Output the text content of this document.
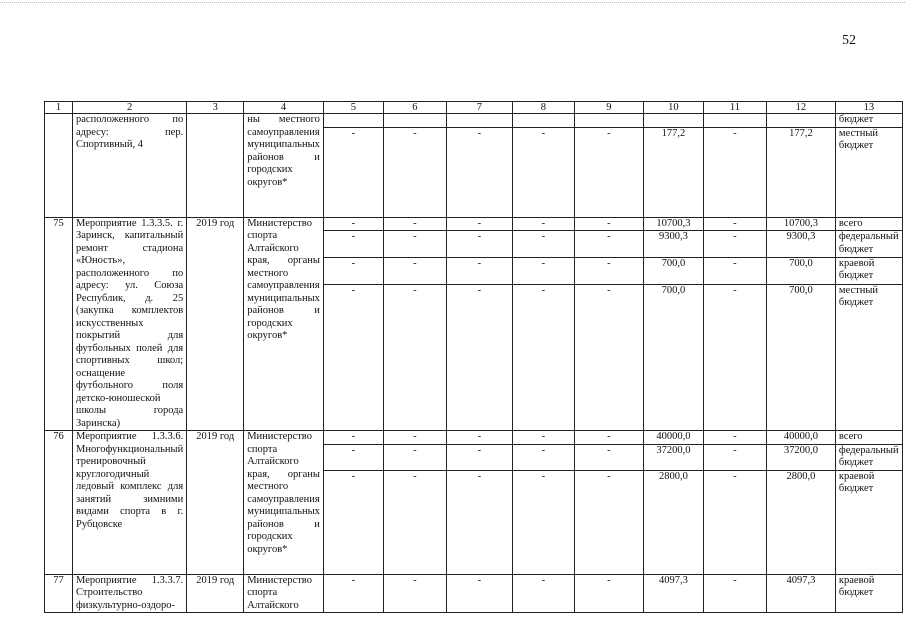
52
1	2	3	4	5	6	7	8	9	10	11	12	13
	расположенного по адресу: пер. Спортивный, 4		ны местного самоуправления муниципальных районов и городских округов*									бюджет
				-	-	-	-	-	177,2	-	177,2	местный бюджет
75	Мероприятие 1.3.3.5. г. Заринск, капитальный ремонт стадиона «Юность», расположенного по адресу: ул. Союза Республик, д. 25 (закупка комплектов искусственных покрытий для футбольных полей для спортивных школ; оснащение футбольного поля детско-юношеской школы города Заринска)	2019 год	Министерство спорта Алтайского края, органы местного самоуправления муниципальных районов и городских округов*	-	-	-	-	-	10700,3	-	10700,3	всего
				-	-	-	-	-	9300,3	-	9300,3	федеральный бюджет
				-	-	-	-	-	700,0	-	700,0	краевой бюджет
				-	-	-	-	-	700,0	-	700,0	местный бюджет
76	Мероприятие 1.3.3.6. Многофункциональный тренировочный круглогодичный ледовый комплекс для занятий зимними видами спорта в г. Рубцовске	2019 год	Министерство спорта Алтайского края, органы местного самоуправления муниципальных районов и городских округов*	-	-	-	-	-	40000,0	-	40000,0	всего
				-	-	-	-	-	37200,0	-	37200,0	федеральный бюджет
				-	-	-	-	-	2800,0	-	2800,0	краевой бюджет
77	Мероприятие 1.3.3.7. Строительство физкультурно-оздоро-	2019 год	Министерство спорта Алтайского	-	-	-	-	-	4097,3	-	4097,3	краевой бюджет
